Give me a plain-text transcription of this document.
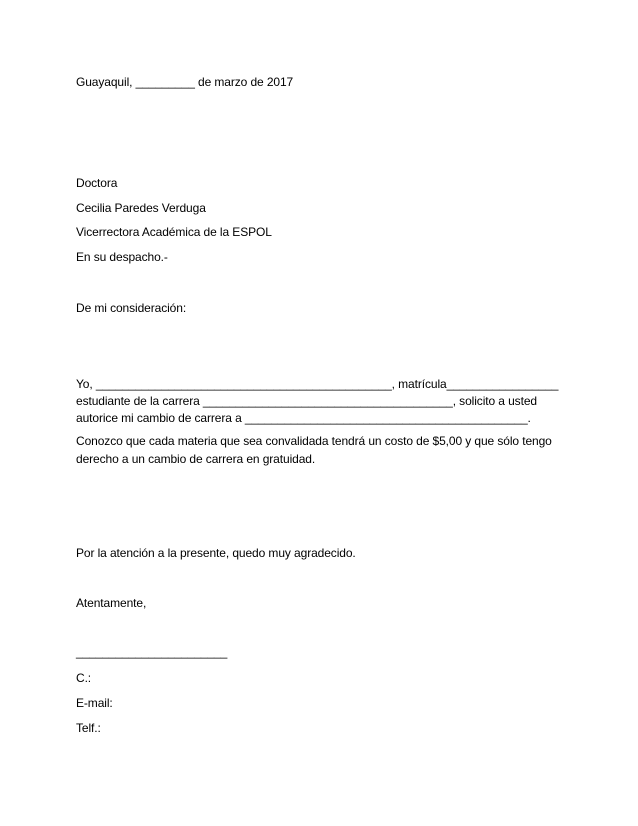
Guayaquil, _________ de marzo de 2017
Doctora
Cecilia Paredes Verduga
Vicerrectora Académica de la ESPOL
En su despacho.-
De mi consideración:
Yo, _____________________________________________, matrícula_________________
estudiante de la carrera ______________________________________, solicito a usted
autorice mi cambio de carrera a ___________________________________________.
Conozco que cada materia que sea convalidada tendrá un costo de $5,00 y que sólo tengo
derecho a un cambio de carrera en gratuidad.
Por la atención a la presente, quedo muy agradecido.
Atentamente,
_______________________
C.:
E-mail:
Telf.:
